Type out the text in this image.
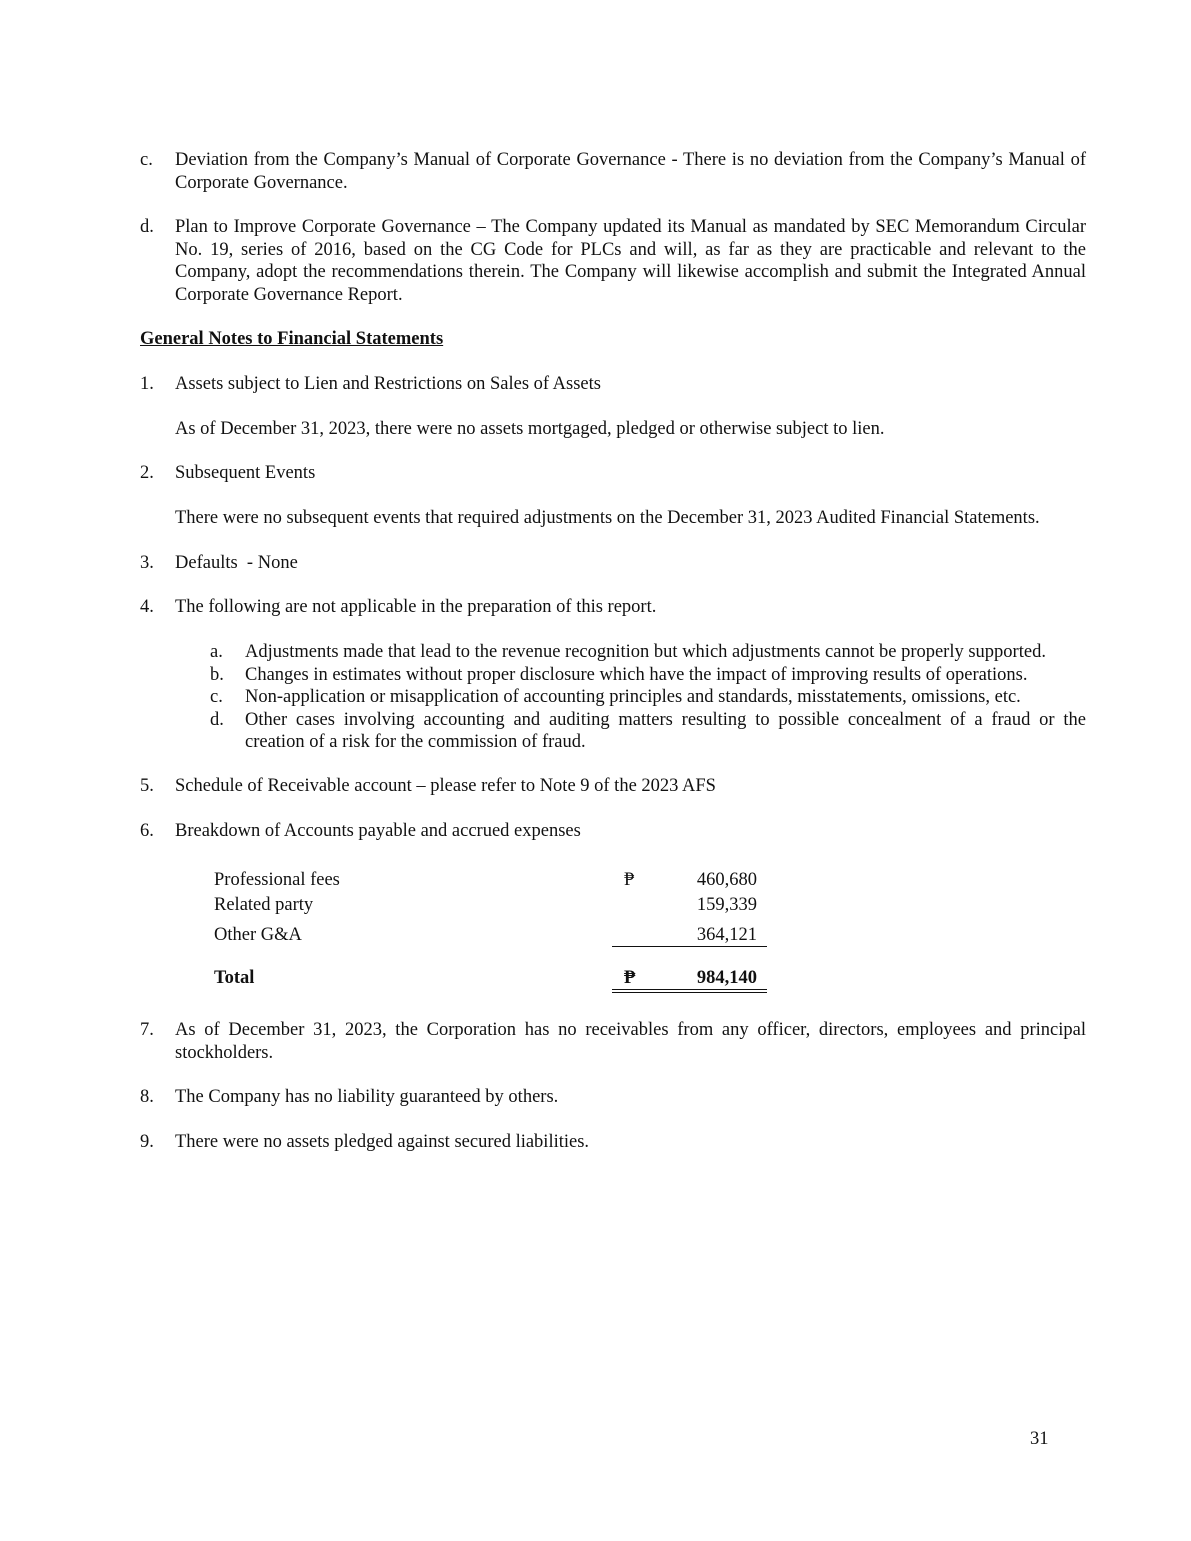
c. Deviation from the Company’s Manual of Corporate Governance - There is no deviation from the Company’s Manual of Corporate Governance.

d. Plan to Improve Corporate Governance – The Company updated its Manual as mandated by SEC Memorandum Circular No. 19, series of 2016, based on the CG Code for PLCs and will, as far as they are practicable and relevant to the Company, adopt the recommendations therein. The Company will likewise accomplish and submit the Integrated Annual Corporate Governance Report.

General Notes to Financial Statements
1. Assets subject to Lien and Restrictions on Sales of Assets

As of December 31, 2023, there were no assets mortgaged, pledged or otherwise subject to lien.
2. Subsequent Events

There were no subsequent events that required adjustments on the December 31, 2023 Audited Financial Statements.
3. Defaults  - None

4. The following are not applicable in the preparation of this report.

a. Adjustments made that lead to the revenue recognition but which adjustments cannot be properly supported.
b. Changes in estimates without proper disclosure which have the impact of improving results of operations.
c. Non-application or misapplication of accounting principles and standards, misstatements, omissions, etc.
d. Other cases involving accounting and auditing matters resulting to possible concealment of a fraud or the creation of a risk for the commission of fraud.
5. Schedule of Receivable account – please refer to Note 9 of the 2023 AFS

6. Breakdown of Accounts payable and accrued expenses

Professional fees	₱	460,680
Related party	159,339
Other G&A	364,121
Total	₱	984,140
7. As of December 31, 2023, the Corporation has no receivables from any officer, directors, employees and principal stockholders.

8. The Company has no liability guaranteed by others.

9. There were no assets pledged against secured liabilities.

31
